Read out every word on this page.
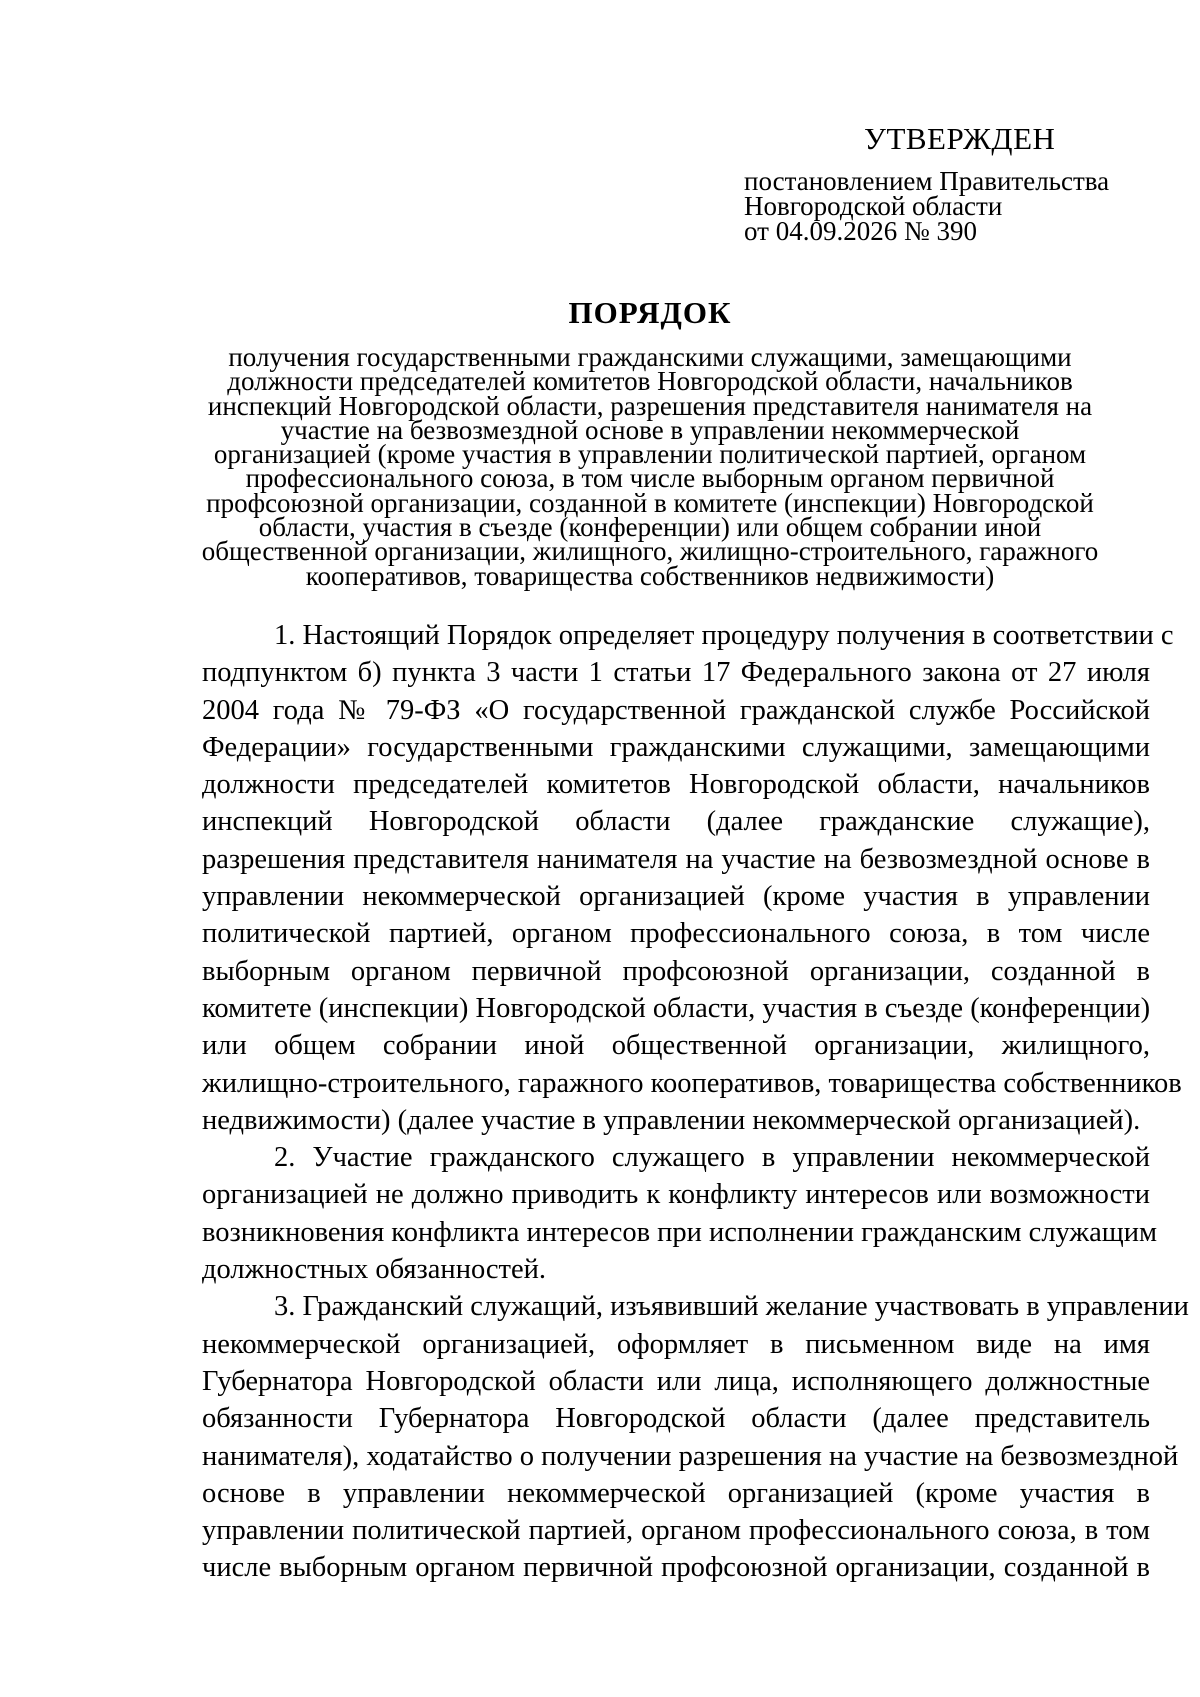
УТВЕРЖДЕН
постановлением Правительства
Новгородской области
от 04.09.2026 № 390
ПОРЯДОК
получения государственными гражданскими служащими, замещающими
должности председателей комитетов Новгородской области, начальников
инспекций Новгородской области, разрешения представителя нанимателя на
участие на безвозмездной основе в управлении некоммерческой
организацией (кроме участия в управлении политической партией, органом
профессионального союза, в том числе выборным органом первичной
профсоюзной организации, созданной в комитете (инспекции) Новгородской
области, участия в съезде (конференции) или общем собрании иной
общественной организации, жилищного, жилищно-строительного, гаражного
кооперативов, товарищества собственников недвижимости)
1. Настоящий Порядок определяет процедуру получения в соответствии с
подпунктом б) пункта 3 части 1 статьи 17 Федерального закона от 27 июля
2004 года № 79-ФЗ «О государственной гражданской службе Российской
Федерации» государственными гражданскими служащими, замещающими
должности председателей комитетов Новгородской области, начальников
инспекций Новгородской области (далее гражданские служащие),
разрешения представителя нанимателя на участие на безвозмездной основе в
управлении некоммерческой организацией (кроме участия в управлении
политической партией, органом профессионального союза, в том числе
выборным органом первичной профсоюзной организации, созданной в
комитете (инспекции) Новгородской области, участия в съезде (конференции)
или общем собрании иной общественной организации, жилищного,
жилищно-строительного, гаражного кооперативов, товарищества собственников
недвижимости) (далее участие в управлении некоммерческой организацией).
2. Участие гражданского служащего в управлении некоммерческой
организацией не должно приводить к конфликту интересов или возможности
возникновения конфликта интересов при исполнении гражданским служащим
должностных обязанностей.
3. Гражданский служащий, изъявивший желание участвовать в управлении
некоммерческой организацией, оформляет в письменном виде на имя
Губернатора Новгородской области или лица, исполняющего должностные
обязанности Губернатора Новгородской области (далее представитель
нанимателя), ходатайство о получении разрешения на участие на безвозмездной
основе в управлении некоммерческой организацией (кроме участия в
управлении политической партией, органом профессионального союза, в том
числе выборным органом первичной профсоюзной организации, созданной в
